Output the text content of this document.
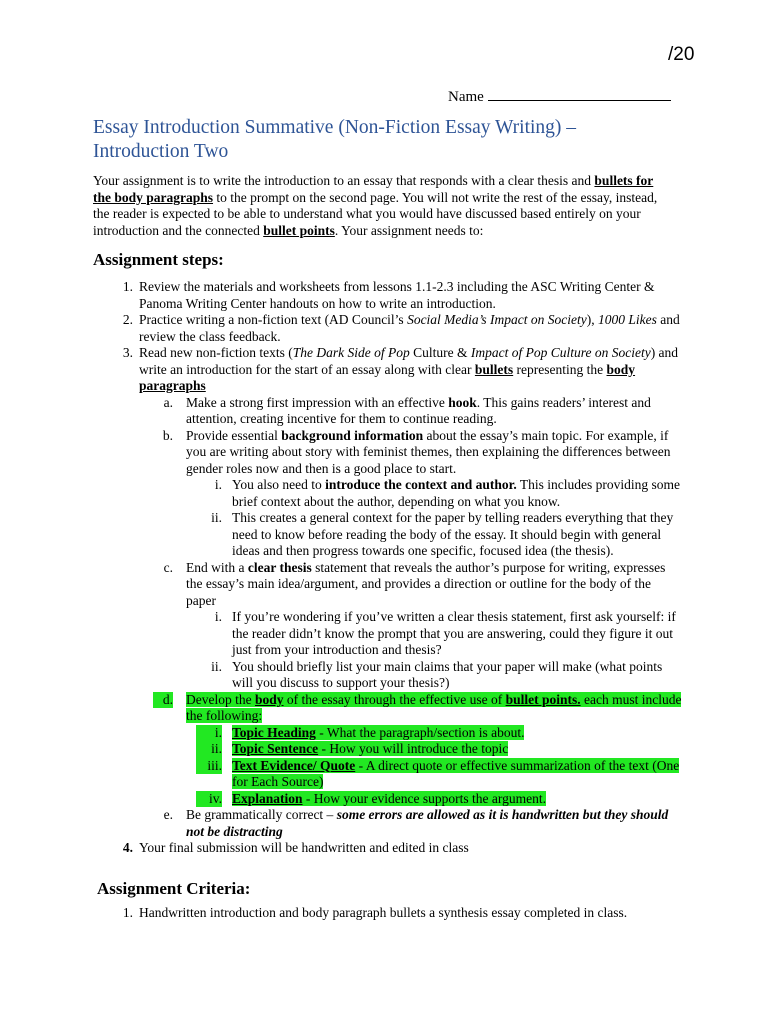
/20
Name
Essay Introduction Summative (Non-Fiction Essay Writing) – Introduction Two

Your assignment is to write the introduction to an essay that responds with a clear thesis and bullets for the body paragraphs to the prompt on the second page. You will not write the rest of the essay, instead, the reader is expected to be able to understand what you would have discussed based entirely on your introduction and the connected bullet points. Your assignment needs to:

Assignment steps:
1. Review the materials and worksheets from lessons 1.1-2.3 including the ASC Writing Center & Panoma Writing Center handouts on how to write an introduction.
2. Practice writing a non-fiction text (AD Council’s Social Media’s Impact on Society), 1000 Likes and review the class feedback.
3. Read new non-fiction texts (The Dark Side of Pop Culture & Impact of Pop Culture on Society) and write an introduction for the start of an essay along with clear bullets representing the body paragraphs
a. Make a strong first impression with an effective hook. This gains readers’ interest and attention, creating incentive for them to continue reading.
b. Provide essential background information about the essay’s main topic. For example, if you are writing about story with feminist themes, then explaining the differences between gender roles now and then is a good place to start.
i. You also need to introduce the context and author. This includes providing some brief context about the author, depending on what you know.
ii. This creates a general context for the paper by telling readers everything that they need to know before reading the body of the essay. It should begin with general ideas and then progress towards one specific, focused idea (the thesis).
c. End with a clear thesis statement that reveals the author’s purpose for writing, expresses the essay’s main idea/argument, and provides a direction or outline for the body of the paper
i. If you’re wondering if you’ve written a clear thesis statement, first ask yourself: if the reader didn’t know the prompt that you are answering, could they figure it out just from your introduction and thesis?
ii. You should briefly list your main claims that your paper will make (what points will you discuss to support your thesis?)
d. Develop the body of the essay through the effective use of bullet points. each must include the following:
i. Topic Heading - What the paragraph/section is about.
ii. Topic Sentence - How you will introduce the topic
iii. Text Evidence/ Quote - A direct quote or effective summarization of the text (One for Each Source)
iv. Explanation - How your evidence supports the argument.
e. Be grammatically correct – some errors are allowed as it is handwritten but they should not be distracting
4. Your final submission will be handwritten and edited in class
Assignment Criteria:
1. Handwritten introduction and body paragraph bullets a synthesis essay completed in class.
